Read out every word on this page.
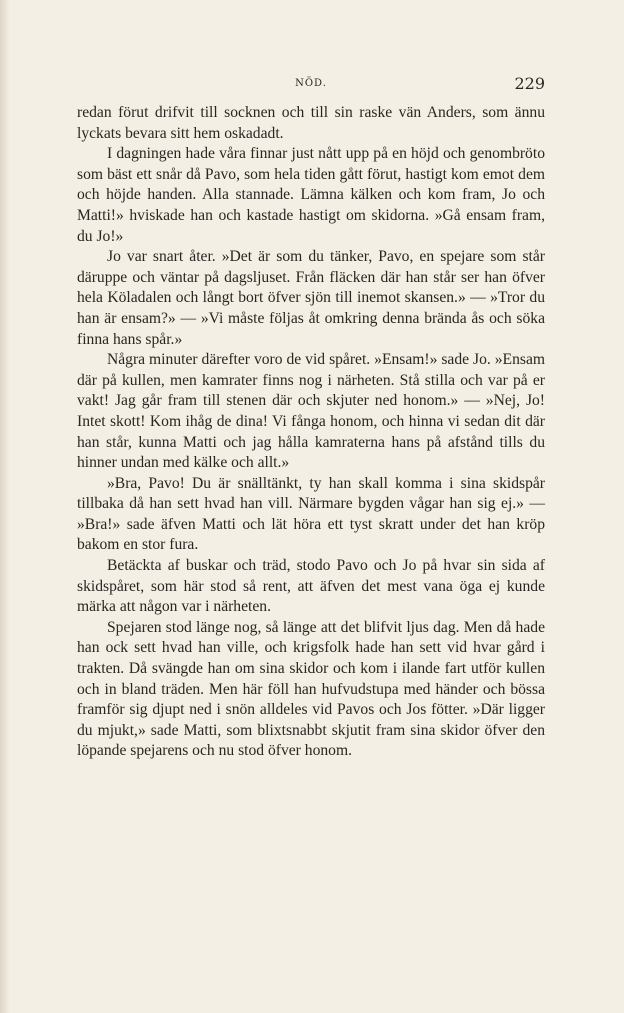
NÖD.	229

redan förut drifvit till socknen och till sin raske vän Anders, som ännu lyckats bevara sitt hem oskadadt.

I dagningen hade våra finnar just nått upp på en höjd och genombröto som bäst ett snår då Pavo, som hela tiden gått förut, hastigt kom emot dem och höjde handen. Alla stannade. Lämna kälken och kom fram, Jo och Matti!» hviskade han och kastade hastigt om skidorna. »Gå ensam fram, du Jo!»

Jo var snart åter. »Det är som du tänker, Pavo, en spejare som står däruppe och väntar på dagsljuset. Från fläcken där han står ser han öfver hela Köladalen och långt bort öfver sjön till inemot skansen.» — »Tror du han är ensam?» — »Vi måste följas åt omkring denna brända ås och söka finna hans spår.»

Några minuter därefter voro de vid spåret. »Ensam!» sade Jo. »Ensam där på kullen, men kamrater finns nog i närheten. Stå stilla och var på er vakt! Jag går fram till stenen där och skjuter ned honom.» — »Nej, Jo! Intet skott! Kom ihåg de dina! Vi fånga honom, och hinna vi sedan dit där han står, kunna Matti och jag hålla kamraterna hans på afstånd tills du hinner undan med kälke och allt.»

»Bra, Pavo! Du är snälltänkt, ty han skall komma i sina skidspår tillbaka då han sett hvad han vill. Närmare bygden vågar han sig ej.» — »Bra!» sade äfven Matti och lät höra ett tyst skratt under det han kröp bakom en stor fura.

Betäckta af buskar och träd, stodo Pavo och Jo på hvar sin sida af skidspåret, som här stod så rent, att äfven det mest vana öga ej kunde märka att någon var i närheten.

Spejaren stod länge nog, så länge att det blifvit ljus dag. Men då hade han ock sett hvad han ville, och krigsfolk hade han sett vid hvar gård i trakten. Då svängde han om sina skidor och kom i ilande fart utför kullen och in bland träden. Men här föll han hufvudstupa med händer och bössa framför sig djupt ned i snön alldeles vid Pavos och Jos fötter. »Där ligger du mjukt,» sade Matti, som blixtsnabbt skjutit fram sina skidor öfver den löpande spejarens och nu stod öfver honom.
